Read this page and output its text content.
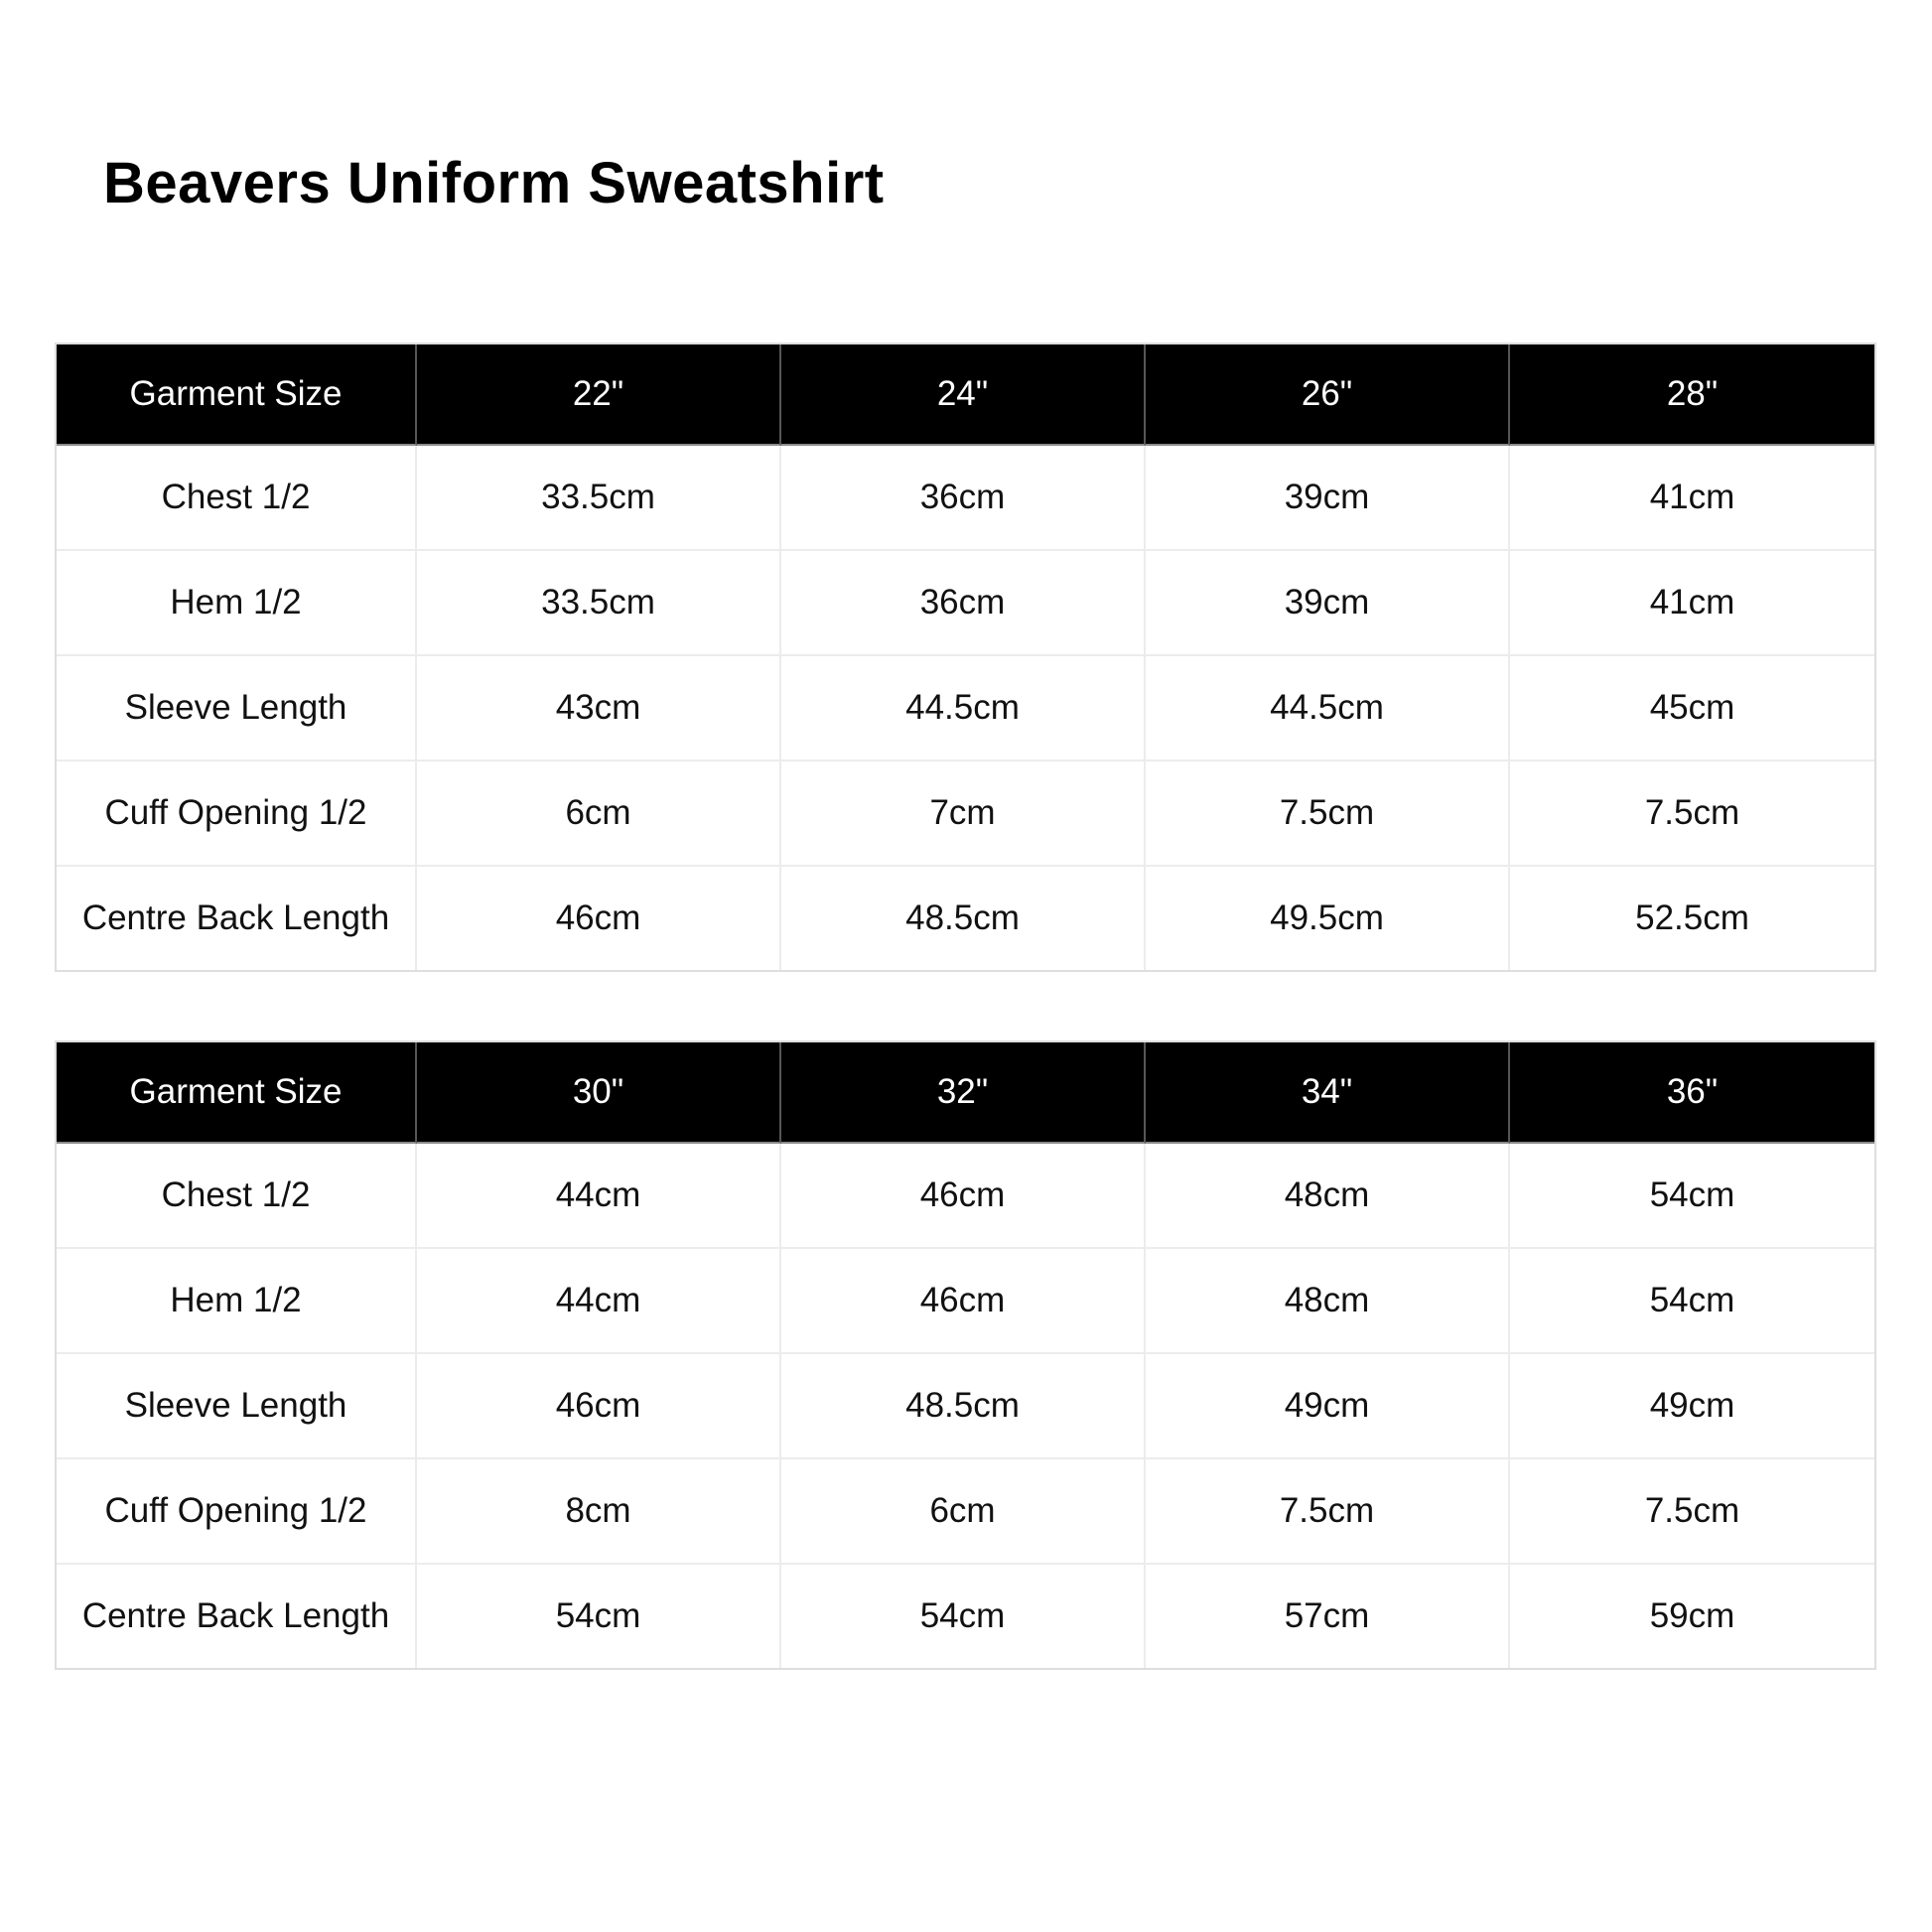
Beavers Uniform Sweatshirt
Garment Size	22"	24"	26"	28"
Chest 1/2	33.5cm	36cm	39cm	41cm
Hem 1/2	33.5cm	36cm	39cm	41cm
Sleeve Length	43cm	44.5cm	44.5cm	45cm
Cuff Opening 1/2	6cm	7cm	7.5cm	7.5cm
Centre Back Length	46cm	48.5cm	49.5cm	52.5cm
Garment Size	30"	32"	34"	36"
Chest 1/2	44cm	46cm	48cm	54cm
Hem 1/2	44cm	46cm	48cm	54cm
Sleeve Length	46cm	48.5cm	49cm	49cm
Cuff Opening 1/2	8cm	6cm	7.5cm	7.5cm
Centre Back Length	54cm	54cm	57cm	59cm
